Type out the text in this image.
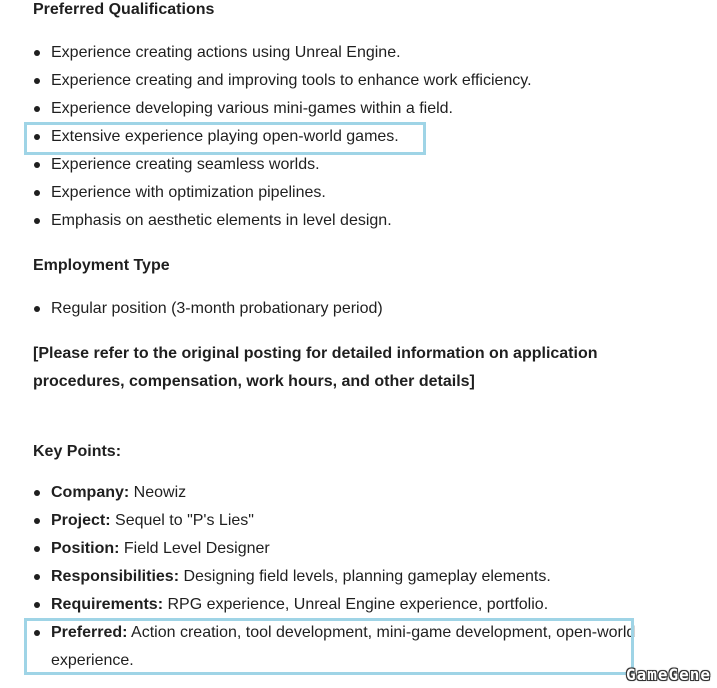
Preferred Qualifications
Experience creating actions using Unreal Engine.
Experience creating and improving tools to enhance work efficiency.
Experience developing various mini-games within a field.
Extensive experience playing open-world games.
Experience creating seamless worlds.
Experience with optimization pipelines.
Emphasis on aesthetic elements in level design.
Employment Type
Regular position (3-month probationary period)

[Please refer to the original posting for detailed information on application procedures, compensation, work hours, and other details]

Key Points:
Company: Neowiz
Project: Sequel to "P's Lies"
Position: Field Level Designer
Responsibilities: Designing field levels, planning gameplay elements.
Requirements: RPG experience, Unreal Engine experience, portfolio.
Preferred: Action creation, tool development, mini-game development, open-world experience.
GameGene
